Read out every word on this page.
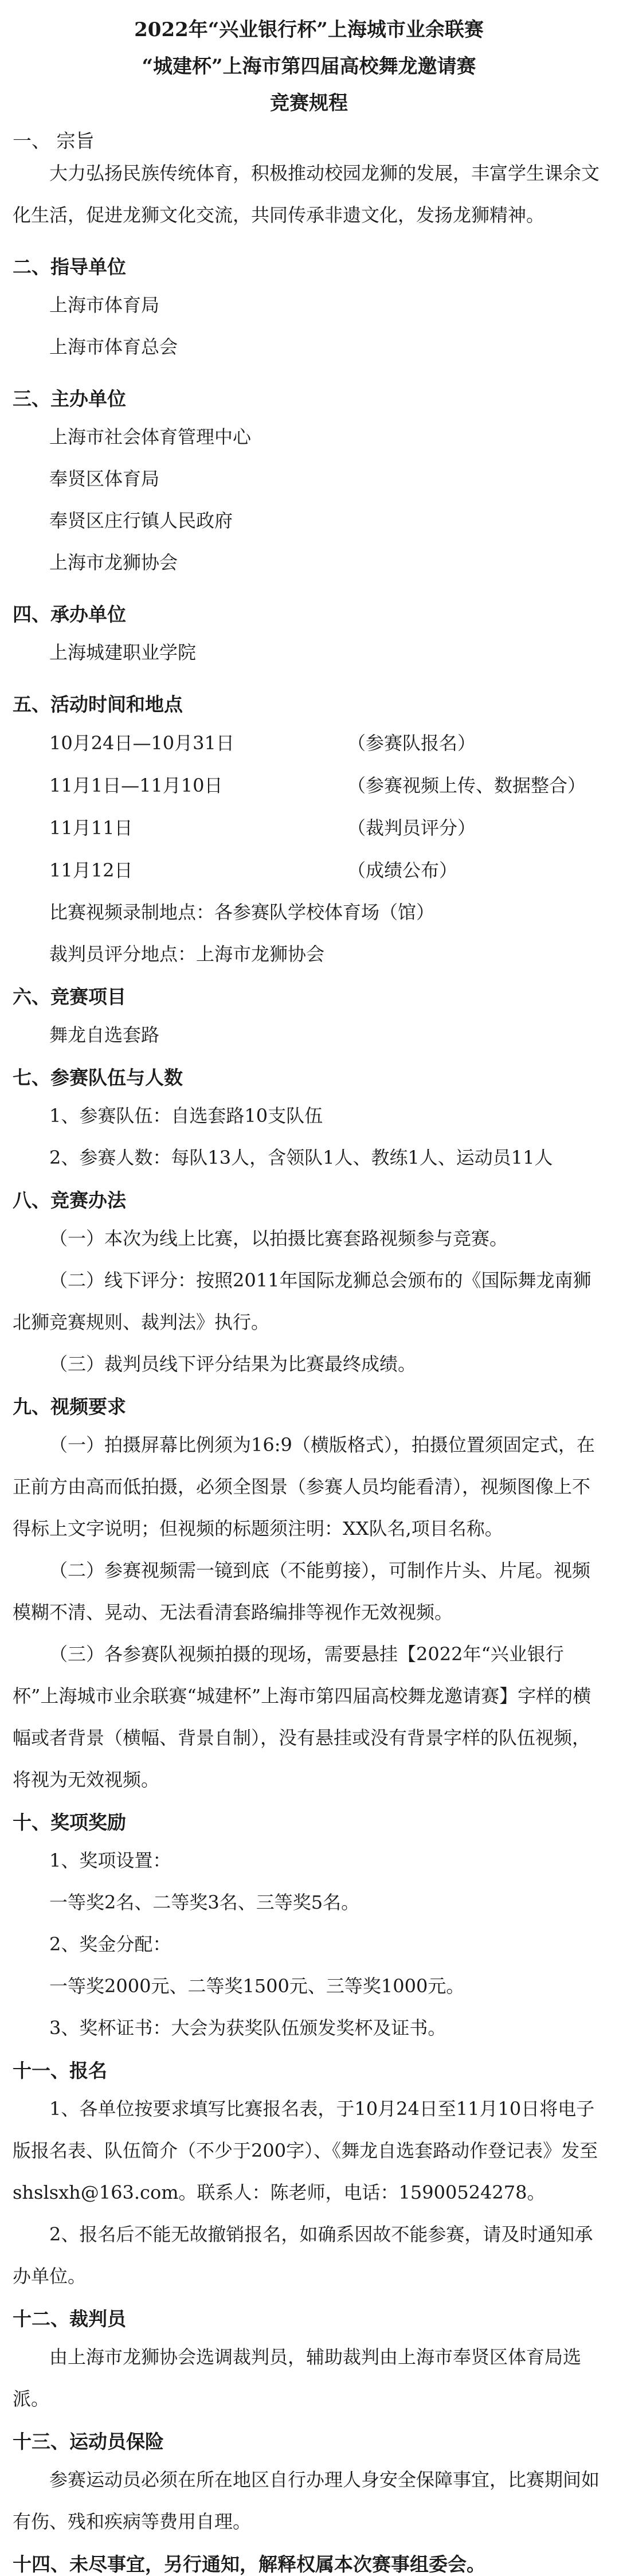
2022年“兴业银行杯”上海城市业余联赛
“城建杯”上海市第四届高校舞龙邀请赛
竞赛规程
一、 宗旨

大力弘扬民族传统体育，积极推动校园龙狮的发展，丰富学生课余文化生活，促进龙狮文化交流，共同传承非遗文化，发扬龙狮精神。

二、指导单位

上海市体育局

上海市体育总会

三、主办单位

上海市社会体育管理中心

奉贤区体育局

奉贤区庄行镇人民政府

上海市龙狮协会

四、承办单位

上海城建职业学院

五、活动时间和地点
10月24日—10月31日	（参赛队报名）
11月1日—11月10日	（参赛视频上传、数据整合）
11月11日	（裁判员评分）
11月12日	（成绩公布）

比赛视频录制地点：各参赛队学校体育场（馆）

裁判员评分地点：上海市龙狮协会

六、竞赛项目

舞龙自选套路

七、参赛队伍与人数

1、参赛队伍：自选套路10支队伍

2、参赛人数：每队13人，含领队1人、教练1人、运动员11人

八、竞赛办法

（一）本次为线上比赛，以拍摄比赛套路视频参与竞赛。

（二）线下评分：按照2011年国际龙狮总会颁布的《国际舞龙南狮北狮竞赛规则、裁判法》执行。

（三）裁判员线下评分结果为比赛最终成绩。

九、视频要求

（一）拍摄屏幕比例须为16:9（横版格式），拍摄位置须固定式，在正前方由高而低拍摄，必须全图景（参赛人员均能看清），视频图像上不得标上文字说明；但视频的标题须注明：XX队名,项目名称。

（二）参赛视频需一镜到底（不能剪接），可制作片头、片尾。视频模糊不清、晃动、无法看清套路编排等视作无效视频。

（三）各参赛队视频拍摄的现场，需要悬挂【2022年“兴业银行杯”上海城市业余联赛“城建杯”上海市第四届高校舞龙邀请赛】字样的横幅或者背景（横幅、背景自制），没有悬挂或没有背景字样的队伍视频，将视为无效视频。

十、奖项奖励

1、奖项设置：

一等奖2名、二等奖3名、三等奖5名。

2、奖金分配：

一等奖2000元、二等奖1500元、三等奖1000元。

3、奖杯证书：大会为获奖队伍颁发奖杯及证书。

十一、报名

1、各单位按要求填写比赛报名表，于10月24日至11月10日将电子版报名表、队伍简介（不少于200字）、《舞龙自选套路动作登记表》发至shslsxh@163.com。联系人：陈老师，电话：15900524278。

2、报名后不能无故撤销报名，如确系因故不能参赛，请及时通知承办单位。

十二、裁判员

由上海市龙狮协会选调裁判员，辅助裁判由上海市奉贤区体育局选派。

十三、运动员保险

参赛运动员必须在所在地区自行办理人身安全保障事宜，比赛期间如有伤、残和疾病等费用自理。

十四、未尽事宜，另行通知，解释权属本次赛事组委会。
